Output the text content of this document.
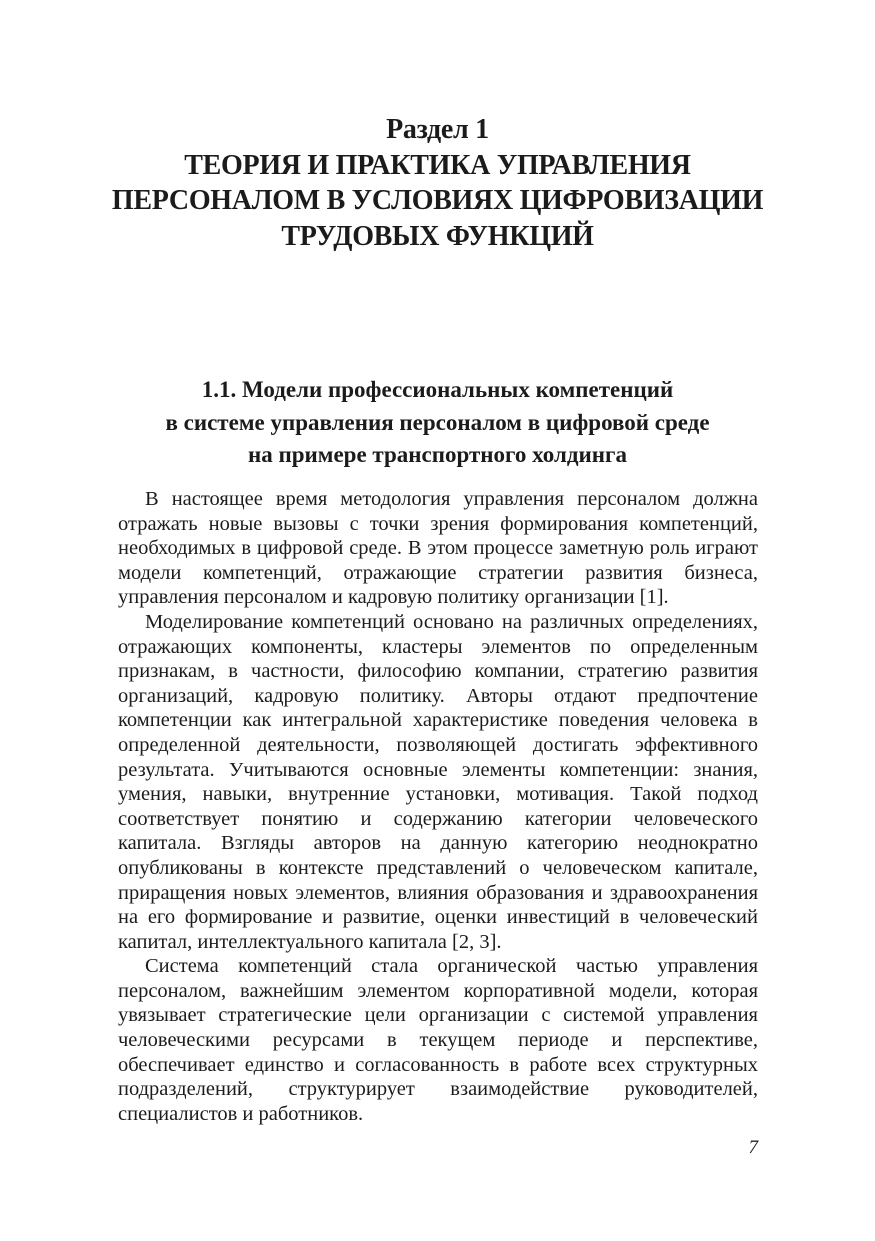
Раздел 1
ТЕОРИЯ И ПРАКТИКА УПРАВЛЕНИЯ
ПЕРСОНАЛОМ В УСЛОВИЯХ ЦИФРОВИЗАЦИИ
ТРУДОВЫХ ФУНКЦИЙ
1.1. Модели профессиональных компетенций
в системе управления персоналом в цифровой среде
на примере транспортного холдинга

В настоящее время методология управления персоналом должна отражать новые вызовы с точки зрения формирования компетенций, необходимых в цифровой среде. В этом процессе заметную роль играют модели компетенций, отражающие стратегии развития бизнеса, управления персоналом и кадровую политику организации [1].

Моделирование компетенций основано на различных определениях, отражающих компоненты, кластеры элементов по определенным признакам, в частности, философию компании, стратегию развития организаций, кадровую политику. Авторы отдают предпочтение компетенции как интегральной характеристике поведения человека в определенной деятельности, позволяющей достигать эффективного результата. Учитываются основные элементы компетенции: знания, умения, навыки, внутренние установки, мотивация. Такой подход соответствует понятию и содержанию категории человеческого капитала. Взгляды авторов на данную категорию неоднократно опубликованы в контексте представлений о человеческом капитале, приращения новых элементов, влияния образования и здравоохранения на его формирование и развитие, оценки инвестиций в человеческий капитал, интеллектуального капитала [2, 3].

Система компетенций стала органической частью управления персоналом, важнейшим элементом корпоративной модели, которая увязывает стратегические цели организации с системой управления человеческими ресурсами в текущем периоде и перспективе, обеспечивает единство и согласованность в работе всех структурных подразделений, структурирует взаимодействие руководителей, специалистов и работников.

7
